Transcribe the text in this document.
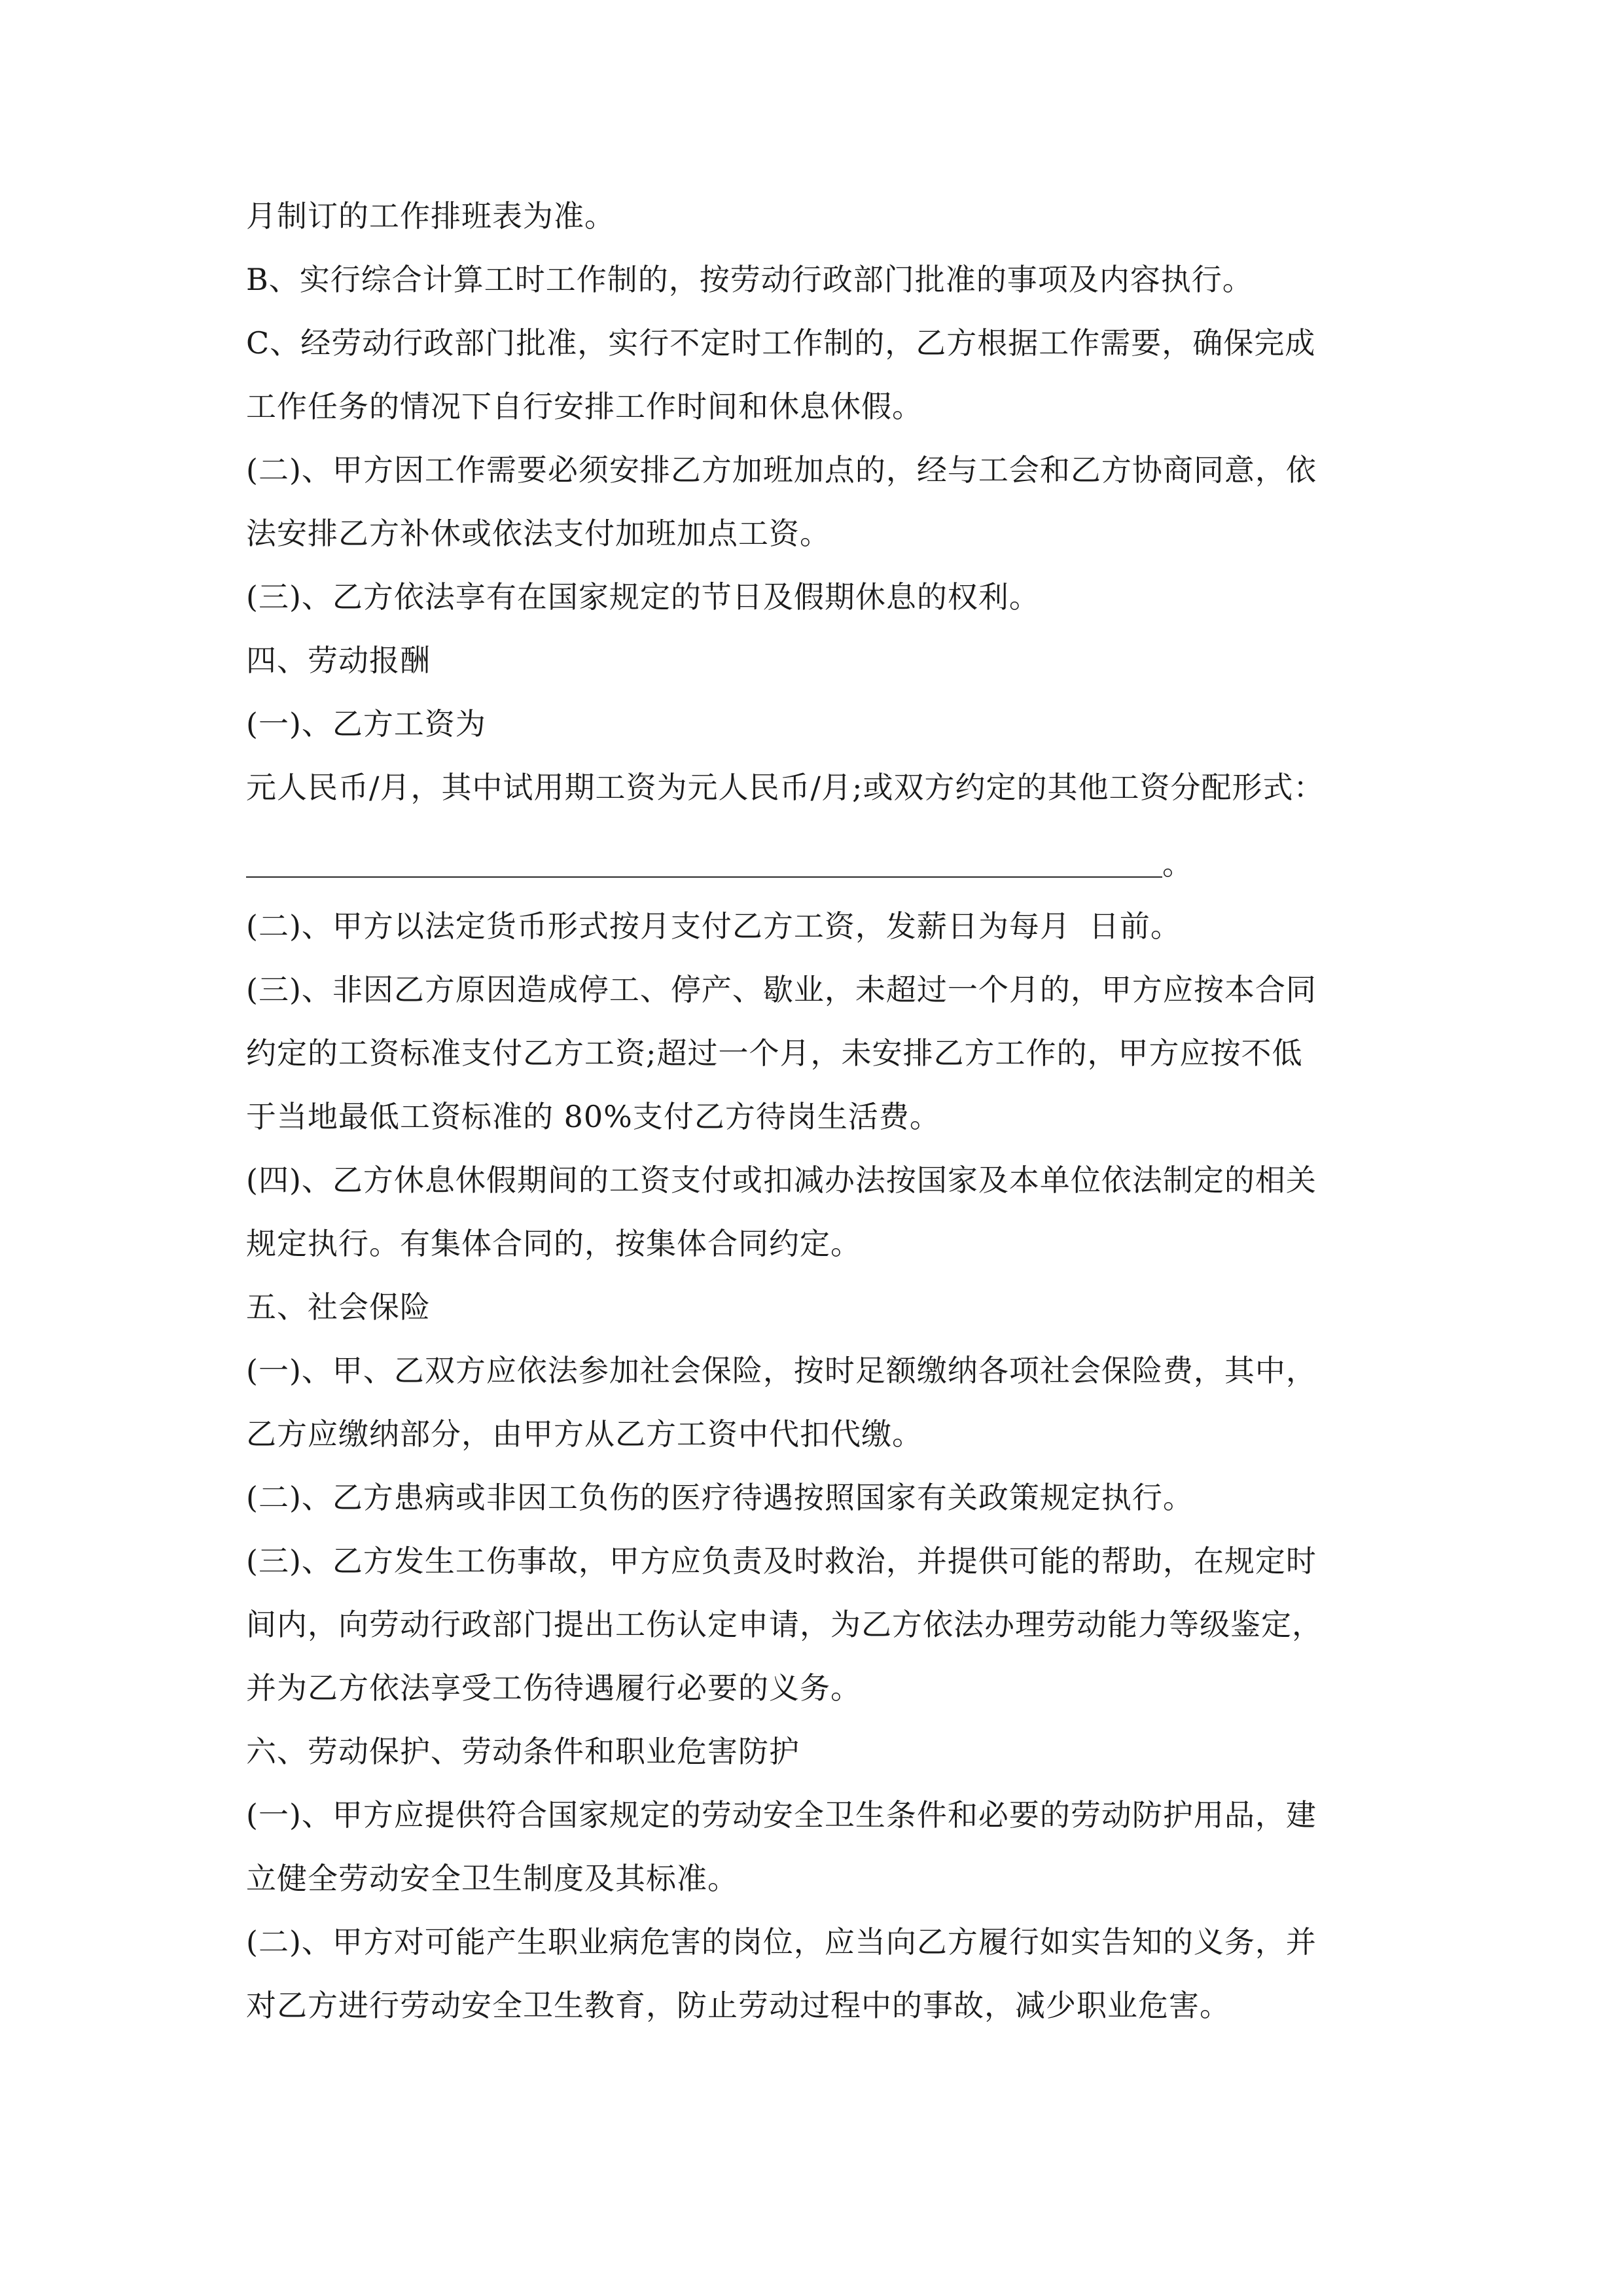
月制订的工作排班表为准。
B、实行综合计算工时工作制的，按劳动行政部门批准的事项及内容执行。
C、经劳动行政部门批准，实行不定时工作制的，乙方根据工作需要，确保完成
工作任务的情况下自行安排工作时间和休息休假。
(二)、甲方因工作需要必须安排乙方加班加点的，经与工会和乙方协商同意，依
法安排乙方补休或依法支付加班加点工资。
(三)、乙方依法享有在国家规定的节日及假期休息的权利。
四、劳动报酬
(一)、乙方工资为
元人民币/月，其中试用期工资为元人民币/月;或双方约定的其他工资分配形式：
。
(二)、甲方以法定货币形式按月支付乙方工资，发薪日为每月 日前。
(三)、非因乙方原因造成停工、停产、歇业，未超过一个月的，甲方应按本合同
约定的工资标准支付乙方工资;超过一个月，未安排乙方工作的，甲方应按不低
于当地最低工资标准的 80%支付乙方待岗生活费。
(四)、乙方休息休假期间的工资支付或扣减办法按国家及本单位依法制定的相关
规定执行。有集体合同的，按集体合同约定。
五、社会保险
(一)、甲、乙双方应依法参加社会保险，按时足额缴纳各项社会保险费，其中，
乙方应缴纳部分，由甲方从乙方工资中代扣代缴。
(二)、乙方患病或非因工负伤的医疗待遇按照国家有关政策规定执行。
(三)、乙方发生工伤事故，甲方应负责及时救治，并提供可能的帮助，在规定时
间内，向劳动行政部门提出工伤认定申请，为乙方依法办理劳动能力等级鉴定，
并为乙方依法享受工伤待遇履行必要的义务。
六、劳动保护、劳动条件和职业危害防护
(一)、甲方应提供符合国家规定的劳动安全卫生条件和必要的劳动防护用品，建
立健全劳动安全卫生制度及其标准。
(二)、甲方对可能产生职业病危害的岗位，应当向乙方履行如实告知的义务，并
对乙方进行劳动安全卫生教育，防止劳动过程中的事故，减少职业危害。
